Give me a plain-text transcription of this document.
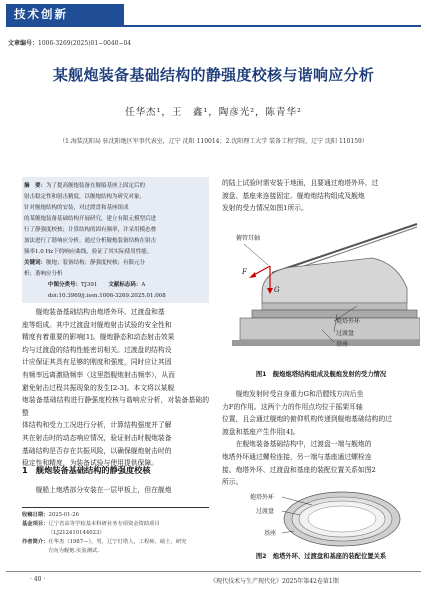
技术创新
文章编号：1006-3269(2025)01−0040−04
某舰炮装备基础结构的静强度校核与谐响应分析
任华杰¹，王　鑫¹，陶彦光²，陈青华²
（1.海装沈阳局 驻沈阳地区军事代表室，辽宁 沈阳 110014；2.沈阳理工大学 装备工程学院，辽宁 沈阳 110159）
摘　要：为了提高舰炮装备在舰船基座上固定后的
射击稳定性和射击精度，以舰炮结构为研究对象，
针对舰炮结构的安装，对过渡盘和基座组成
的某舰炮装备基础结构开展研究，建立有限元模型后进
行了静强度校核；计算结构的固有频率，并采用模态叠
加法进行了谐响应分析。通过分析舰炮装备结构在射击
频率1.0 Hz下的响应曲线，验证了其实际使用性能。
关键词：舰炮；装备结构；静强度校核；有限元分
析；谐响应分析
中图分类号：TJ391　　 文献标志码：A
doi:10.3969/j.issn.1006-3269.2025.01.008
　　舰炮装备基础结构由炮塔外环、过渡盘和基
座等组成。其中过渡盘对舰炮射击试验的安全性和
精度有着重要的影响[1]。舰炮静态和动态射击效果
均与过渡盘的结构性能密切相关。过渡盘的结构设
计应保证其具有足够的刚度和强度，同时应让其固
有频率远离激励频率（这里指舰炮射击频率），从而
避免射击过程共振现象的发生[2-3]。本文将以某舰
炮装备基础结构进行静强度校核与谐响应分析，对装备基础的整
体结构和受力工况进行分析，计算结构强度并了解
其在射击时的动态响应情况，验证射击时舰炮装备
基础结构是否存在共振风险，以确保舰炮射击时的
稳定性和精度，为装备试验与使用提供保障。
1　舰炮装备基础结构的静强度校核
　　舰船上炮塔部分安装在一层甲板上，但在舰炮
收稿日期：2025-01-26
基金项目：辽宁省高等学校基本科研业务专项资金资助项目
（LJ212410144023）
作者简介：任华杰（1987—），男，辽宁灯塔人，工程师，硕士，研究
方向为舰炮.实验测试.
的陆上试验时需安装于地面，且要通过炮塔外环、过
渡盘、基座来连接固定。舰炮炮结构组成及舰炮
发射的受力情况如图1所示。
俯管耳轴
F
G
炮塔外环
过渡盘
基座
图1　舰炮炮塔结构组成及舰炮发射的受力情况
　　舰炮发射时受自身重力G和沿膛线方向后坐
力F的作用。这两个力的作用点均位于摇架耳轴
位置，且会通过舰炮的俯仰机构传递到舰炮基础结构的过
渡盘和基座产生作用[4]。
　　在舰炮装备基础结构中，过渡盘一端与舰炮的
炮塔外环通过螺栓连接，另一端与基座通过螺栓连
接。炮塔外环、过渡盘和基座的装配位置关系如图2
所示。
炮塔外环
过渡盘
基座
图2　炮塔外环、过渡盘和基座的装配位置关系
· 40 ·	《现代技术与生产现代化》2025年第42卷第1期
